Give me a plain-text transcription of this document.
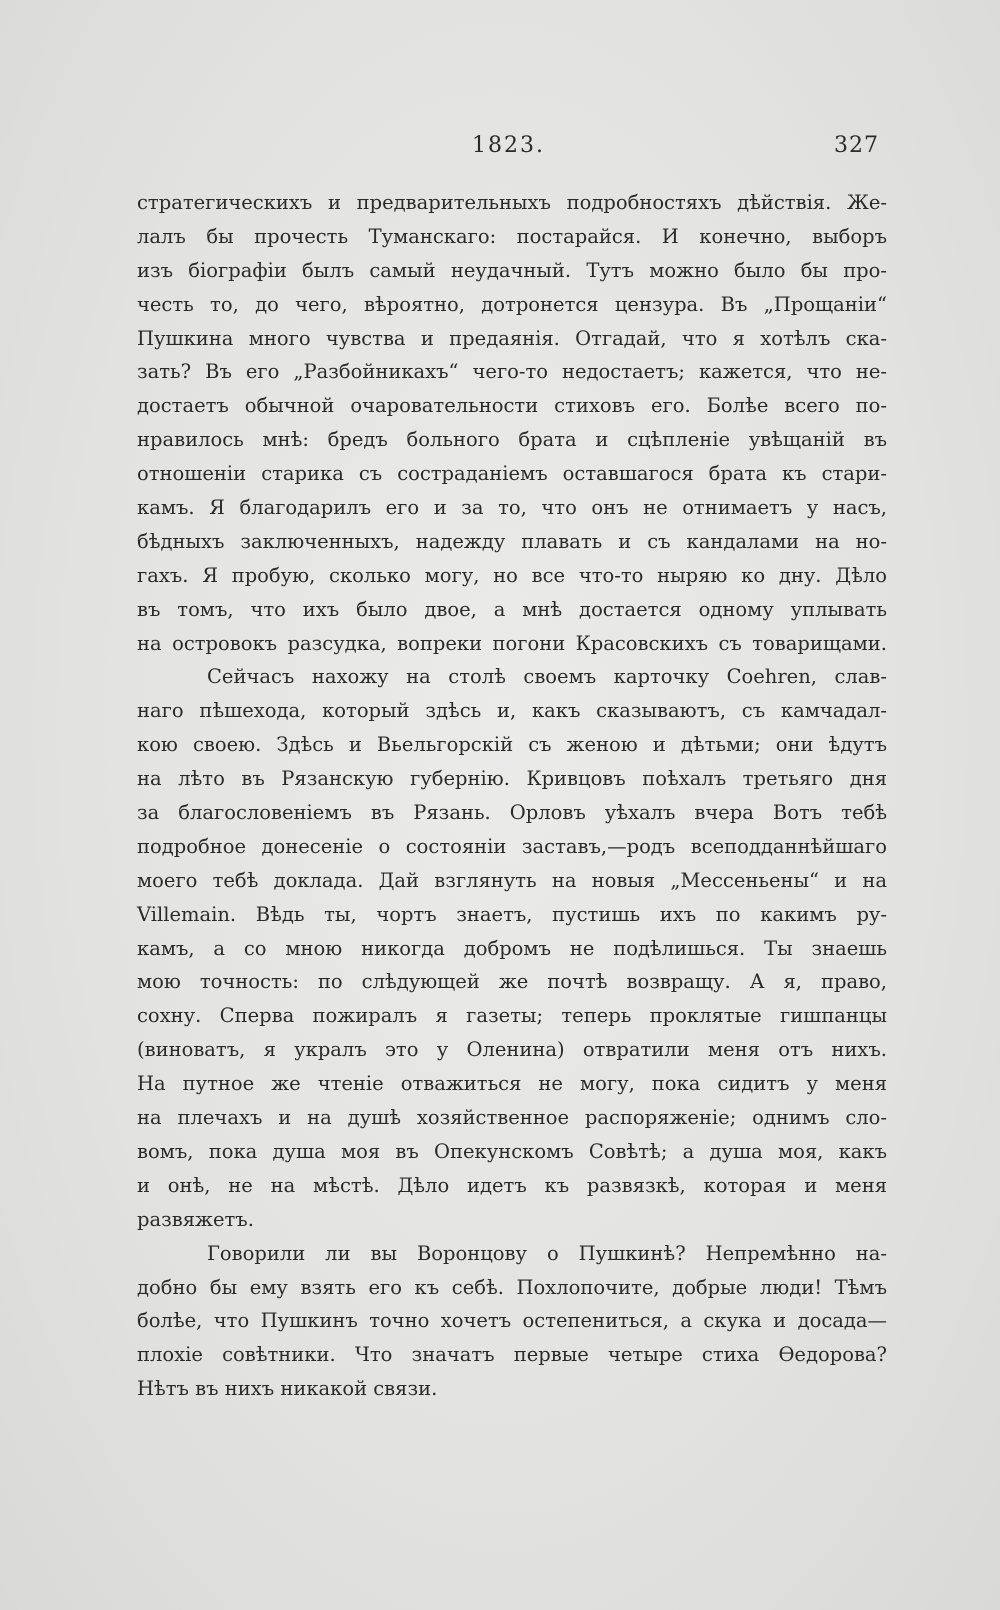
1823.	327
стратегическихъ и предварительныхъ подробностяхъ дѣйствія. Же-
лалъ бы прочесть Туманскаго: постарайся. И конечно, выборъ
изъ біографіи былъ самый неудачный. Тутъ можно было бы про-
честь то, до чего, вѣроятно, дотронется цензура. Въ „Прощаніи“
Пушкина много чувства и предаянія. Отгадай, что я хотѣлъ ска-
зать? Въ его „Разбойникахъ“ чего-то недостаетъ; кажется, что не-
достаетъ обычной очаровательности стиховъ его. Болѣе всего по-
нравилось мнѣ: бредъ больного брата и сцѣпленіе увѣщаній въ
отношеніи старика съ состраданіемъ оставшагося брата къ стари-
камъ. Я благодарилъ его и за то, что онъ не отнимаетъ у насъ,
бѣдныхъ заключенныхъ, надежду плавать и съ кандалами на но-
гахъ. Я пробую, сколько могу, но все что-то ныряю ко дну. Дѣло
въ томъ, что ихъ было двое, а мнѣ достается одному уплывать
на островокъ разсудка, вопреки погони Красовскихъ съ товарищами.
Сейчасъ нахожу на столѣ своемъ карточку Coehren, слав-
наго пѣшехода, который здѣсь и, какъ сказываютъ, съ камчадал-
кою своею. Здѣсь и Вьельгорскій съ женою и дѣтьми; они ѣдутъ
на лѣто въ Рязанскую губернію. Кривцовъ поѣхалъ третьяго дня
за благословеніемъ въ Рязань. Орловъ уѣхалъ вчера Вотъ тебѣ
подробное донесеніе о состояніи заставъ,—родъ всеподданнѣйшаго
моего тебѣ доклада. Дай взглянуть на новыя „Мессеньены“ и на
Villemain. Вѣдь ты, чортъ знаетъ, пустишь ихъ по какимъ ру-
камъ, а со мною никогда добромъ не подѣлишься. Ты знаешь
мою точность: по слѣдующей же почтѣ возвращу. А я, право,
сохну. Сперва пожиралъ я газеты; теперь проклятые гишпанцы
(виноватъ, я укралъ это у Оленина) отвратили меня отъ нихъ.
На путное же чтеніе отважиться не могу, пока сидитъ у меня
на плечахъ и на душѣ хозяйственное распоряженіе; однимъ сло-
вомъ, пока душа моя въ Опекунскомъ Совѣтѣ; а душа моя, какъ
и онѣ, не на мѣстѣ. Дѣло идетъ къ развязкѣ, которая и меня
развяжетъ.
Говорили ли вы Воронцову о Пушкинѣ? Непремѣнно на-
добно бы ему взять его къ себѣ. Похлопочите, добрые люди! Тѣмъ
болѣе, что Пушкинъ точно хочетъ остепениться, а скука и досада—
плохіе совѣтники. Что значатъ первые четыре стиха Өедорова?
Нѣтъ въ нихъ никакой связи.
